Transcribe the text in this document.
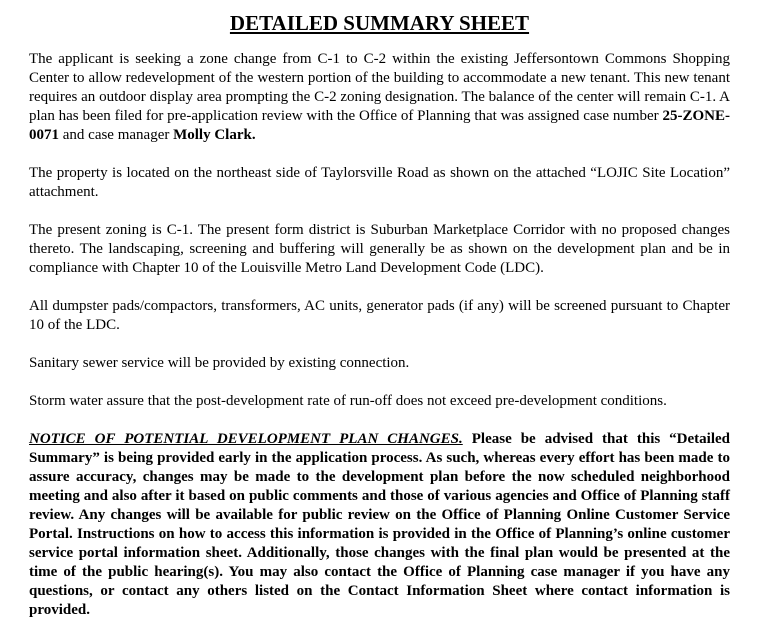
DETAILED SUMMARY SHEET

The applicant is seeking a zone change from C-1 to C-2 within the existing Jeffersontown Commons Shopping Center to allow redevelopment of the western portion of the building to accommodate a new tenant. This new tenant requires an outdoor display area prompting the C-2 zoning designation. The balance of the center will remain C-1. A plan has been filed for pre-application review with the Office of Planning that was assigned case number 25-ZONE-0071 and case manager Molly Clark.

The property is located on the northeast side of Taylorsville Road as shown on the attached “LOJIC Site Location” attachment.

The present zoning is C-1. The present form district is Suburban Marketplace Corridor with no proposed changes thereto. The landscaping, screening and buffering will generally be as shown on the development plan and be in compliance with Chapter 10 of the Louisville Metro Land Development Code (LDC).

All dumpster pads/compactors, transformers, AC units, generator pads (if any) will be screened pursuant to Chapter 10 of the LDC.

Sanitary sewer service will be provided by existing connection.

Storm water assure that the post-development rate of run-off does not exceed pre-development conditions.

NOTICE OF POTENTIAL DEVELOPMENT PLAN CHANGES. Please be advised that this “Detailed Summary” is being provided early in the application process. As such, whereas every effort has been made to assure accuracy, changes may be made to the development plan before the now scheduled neighborhood meeting and also after it based on public comments and those of various agencies and Office of Planning staff review. Any changes will be available for public review on the Office of Planning Online Customer Service Portal. Instructions on how to access this information is provided in the Office of Planning’s online customer service portal information sheet. Additionally, those changes with the final plan would be presented at the time of the public hearing(s). You may also contact the Office of Planning case manager if you have any questions, or contact any others listed on the Contact Information Sheet where contact information is provided.
